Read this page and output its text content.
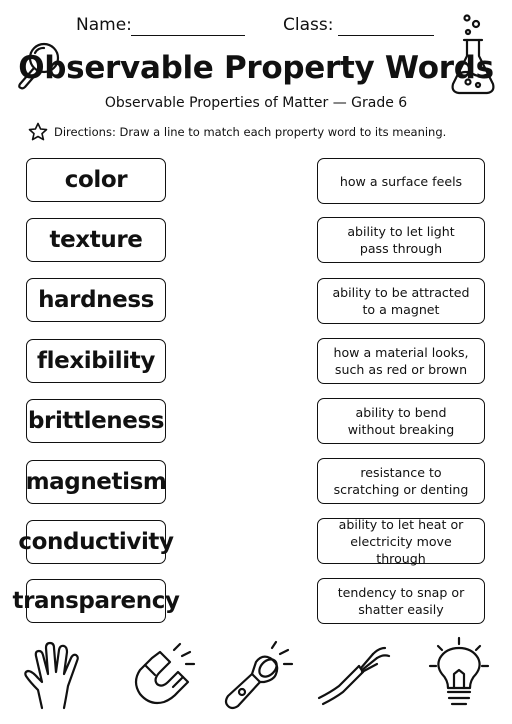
Name:	Class:
Observable Property Words
Observable Properties of Matter — Grade 6
Directions: Draw a line to match each property word to its meaning.
color
texture
hardness
flexibility
brittleness
magnetism
conductivity
transparency
how a surface feels
ability to let light
pass through
ability to be attracted
to a magnet
how a material looks,
such as red or brown
ability to bend
without breaking
resistance to
scratching or denting
ability to let heat or
electricity move through
tendency to snap or
shatter easily
